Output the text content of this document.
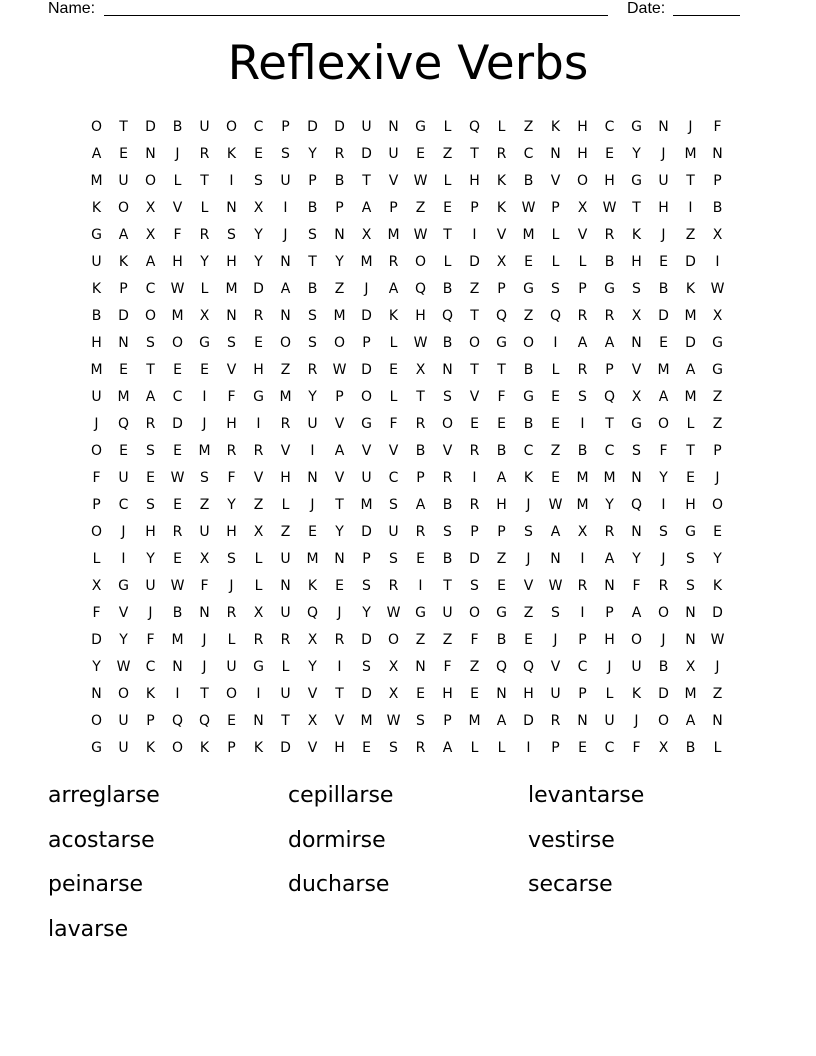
Name:	Date:
Reflexive Verbs
O	T	D	B	U	O	C	P	D	D	U	N	G	L	Q	L	Z	K	H	C	G	N	J	F
A	E	N	J	R	K	E	S	Y	R	D	U	E	Z	T	R	C	N	H	E	Y	J	M	N
M	U	O	L	T	I	S	U	P	B	T	V	W	L	H	K	B	V	O	H	G	U	T	P
K	O	X	V	L	N	X	I	B	P	A	P	Z	E	P	K	W	P	X	W	T	H	I	B
G	A	X	F	R	S	Y	J	S	N	X	M	W	T	I	V	M	L	V	R	K	J	Z	X
U	K	A	H	Y	H	Y	N	T	Y	M	R	O	L	D	X	E	L	L	B	H	E	D	I
K	P	C	W	L	M	D	A	B	Z	J	A	Q	B	Z	P	G	S	P	G	S	B	K	W
B	D	O	M	X	N	R	N	S	M	D	K	H	Q	T	Q	Z	Q	R	R	X	D	M	X
H	N	S	O	G	S	E	O	S	O	P	L	W	B	O	G	O	I	A	A	N	E	D	G
M	E	T	E	E	V	H	Z	R	W	D	E	X	N	T	T	B	L	R	P	V	M	A	G
U	M	A	C	I	F	G	M	Y	P	O	L	T	S	V	F	G	E	S	Q	X	A	M	Z
J	Q	R	D	J	H	I	R	U	V	G	F	R	O	E	E	B	E	I	T	G	O	L	Z
O	E	S	E	M	R	R	V	I	A	V	V	B	V	R	B	C	Z	B	C	S	F	T	P
F	U	E	W	S	F	V	H	N	V	U	C	P	R	I	A	K	E	M	M	N	Y	E	J
P	C	S	E	Z	Y	Z	L	J	T	M	S	A	B	R	H	J	W	M	Y	Q	I	H	O
O	J	H	R	U	H	X	Z	E	Y	D	U	R	S	P	P	S	A	X	R	N	S	G	E
L	I	Y	E	X	S	L	U	M	N	P	S	E	B	D	Z	J	N	I	A	Y	J	S	Y
X	G	U	W	F	J	L	N	K	E	S	R	I	T	S	E	V	W	R	N	F	R	S	K
F	V	J	B	N	R	X	U	Q	J	Y	W	G	U	O	G	Z	S	I	P	A	O	N	D
D	Y	F	M	J	L	R	R	X	R	D	O	Z	Z	F	B	E	J	P	H	O	J	N	W
Y	W	C	N	J	U	G	L	Y	I	S	X	N	F	Z	Q	Q	V	C	J	U	B	X	J
N	O	K	I	T	O	I	U	V	T	D	X	E	H	E	N	H	U	P	L	K	D	M	Z
O	U	P	Q	Q	E	N	T	X	V	M	W	S	P	M	A	D	R	N	U	J	O	A	N
G	U	K	O	K	P	K	D	V	H	E	S	R	A	L	L	I	P	E	C	F	X	B	L
arreglarse	cepillarse	levantarse
acostarse	dormirse	vestirse
peinarse	ducharse	secarse
lavarse
